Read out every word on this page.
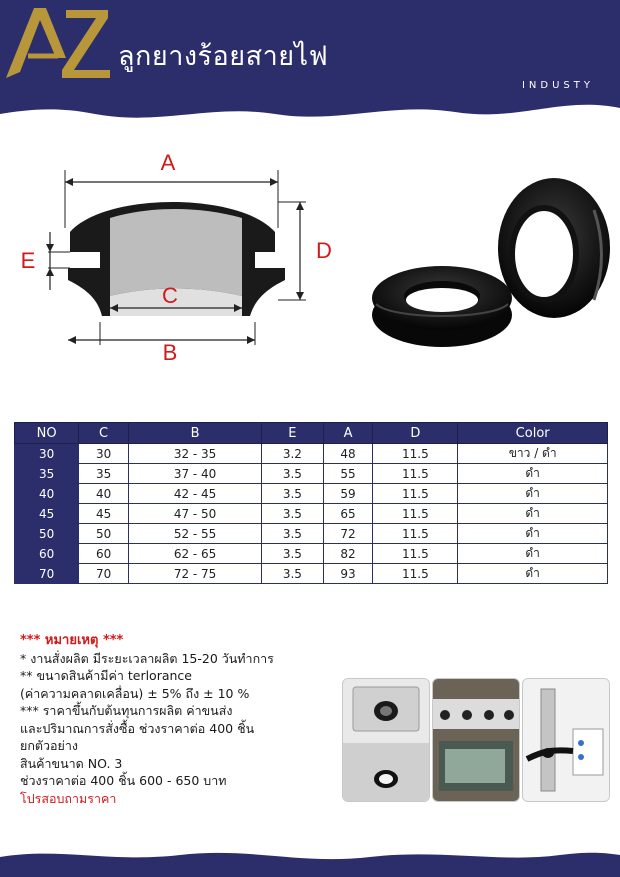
ลูกยางร้อยสายไฟ
INDUSTY
A
C
B
D
E
NO	C	B	E	A	D	Color
30	30	32 - 35	3.2	48	11.5	ขาว / ดำ
35	35	37 - 40	3.5	55	11.5	ดำ
40	40	42 - 45	3.5	59	11.5	ดำ
45	45	47 - 50	3.5	65	11.5	ดำ
50	50	52 - 55	3.5	72	11.5	ดำ
60	60	62 - 65	3.5	82	11.5	ดำ
70	70	72 - 75	3.5	93	11.5	ดำ
*** หมายเหตุ ***
* งานสั่งผลิต มีระยะเวลาผลิต 15-20 วันทำการ
** ขนาดสินค้ามีค่า terlorance
(ค่าความคลาดเคลื่อน) ± 5% ถึง ± 10 %
*** ราคาขึ้นกับต้นทุนการผลิต ค่าขนส่ง
และปริมาณการสั่งซื้อ ช่วงราคาต่อ 400 ชิ้น
ยกตัวอย่าง
สินค้าขนาด NO. 3
ช่วงราคาต่อ 400 ชิ้น 600 - 650 บาท
โปรสอบถามราคา
